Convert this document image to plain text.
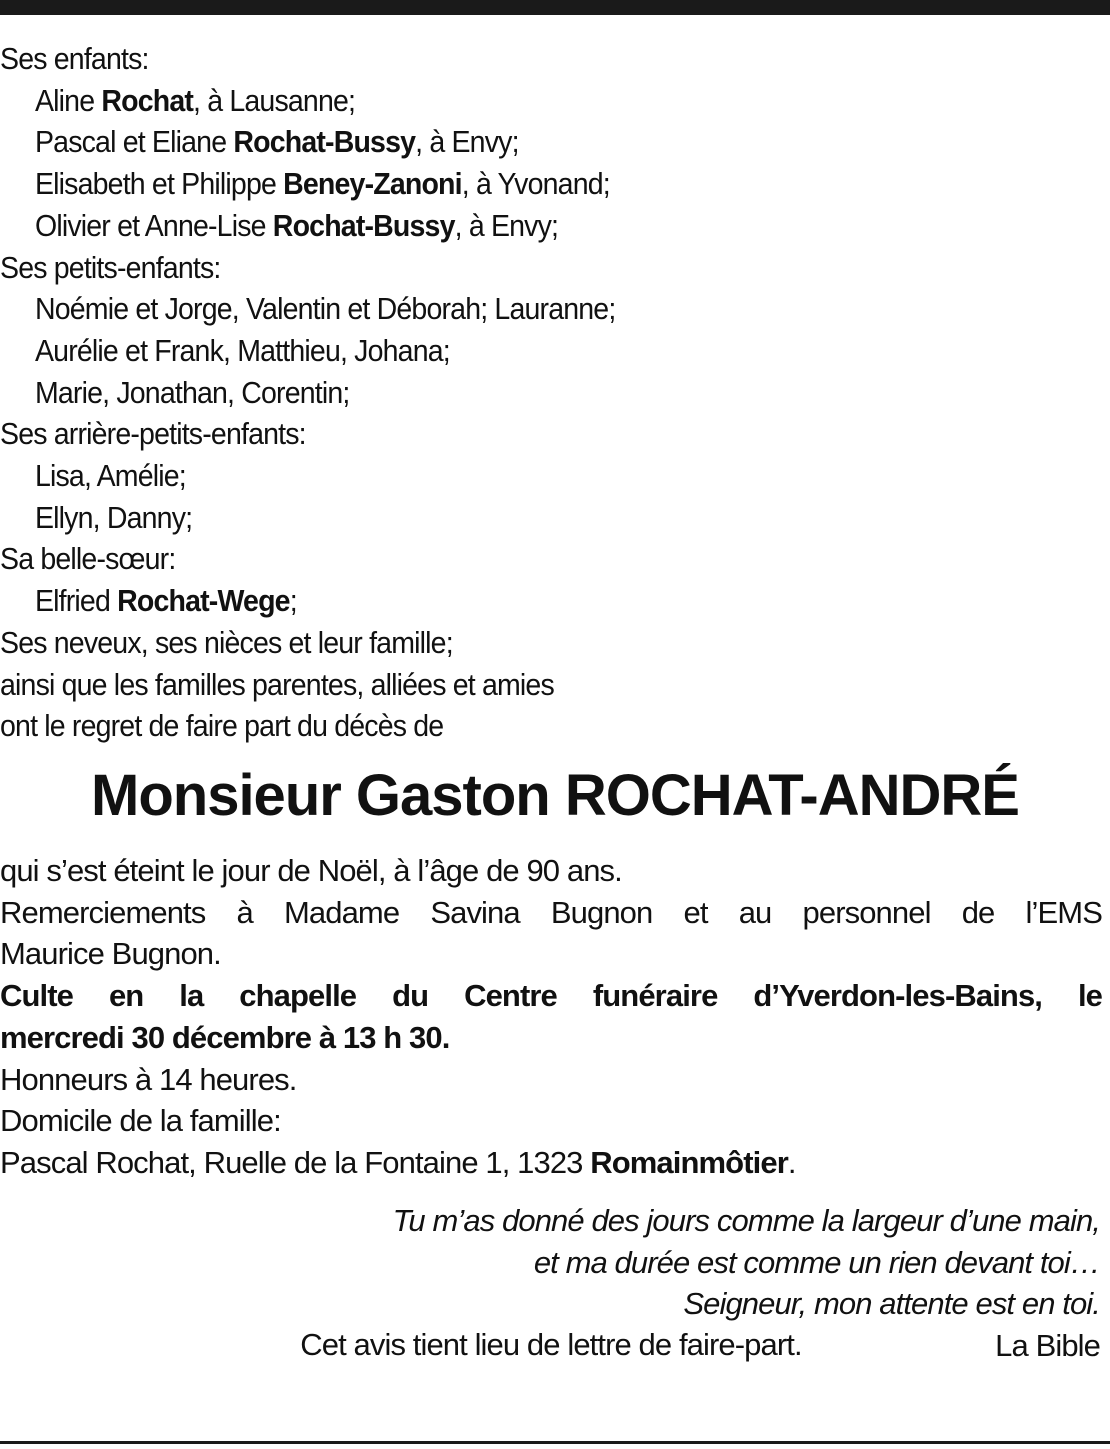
Ses enfants:

Aline Rochat, à Lausanne;

Pascal et Eliane Rochat-Bussy, à Envy;

Elisabeth et Philippe Beney-Zanoni, à Yvonand;

Olivier et Anne-Lise Rochat-Bussy, à Envy;

Ses petits-enfants:

Noémie et Jorge, Valentin et Déborah; Lauranne;

Aurélie et Frank, Matthieu, Johana;

Marie, Jonathan, Corentin;

Ses arrière-petits-enfants:

Lisa, Amélie;

Ellyn, Danny;

Sa belle-sœur:

Elfried Rochat-Wege;

Ses neveux, ses nièces et leur famille;

ainsi que les familles parentes, alliées et amies

ont le regret de faire part du décès de

Monsieur Gaston ROCHAT-ANDRÉ

qui s’est éteint le jour de Noël, à l’âge de 90 ans.

Remerciements à Madame Savina Bugnon et au personnel de l’EMS

Maurice Bugnon.

Culte en la chapelle du Centre funéraire d’Yverdon-les-Bains, le

mercredi 30 décembre à 13 h 30.

Honneurs à 14 heures.

Domicile de la famille:

Pascal Rochat, Ruelle de la Fontaine 1, 1323 Romainmôtier.

Tu m’as donné des jours comme la largeur d’une main,

et ma durée est comme un rien devant toi…

Seigneur, mon attente est en toi.

La Bible

Cet avis tient lieu de lettre de faire-part.
